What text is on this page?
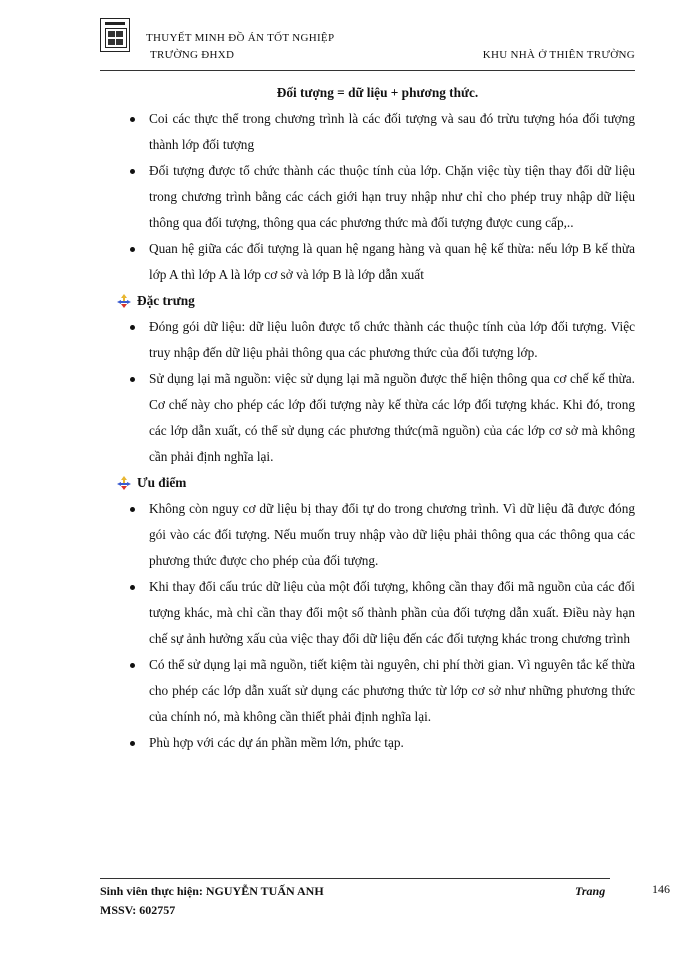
THUYẾT MINH ĐỒ ÁN TỐT NGHIỆP
TRƯỜNG ĐHXD	KHU NHÀ Ở THIÊN TRƯỜNG
Đối tượng = dữ liệu + phương thức.
Coi các thực thể trong chương trình là các đối tượng và sau đó trừu tượng hóa đối tượng thành lớp đối tượng
Đối tượng được tổ chức thành các thuộc tính của lớp. Chặn việc tùy tiện thay đổi dữ liệu trong chương trình bằng các cách giới hạn truy nhập như chỉ cho phép truy nhập dữ liệu thông qua đối tượng, thông qua các phương thức mà đối tượng được cung cấp,..
Quan hệ giữa các đối tượng là quan hệ ngang hàng và quan hệ kế thừa: nếu lớp B kế thừa lớp A thì lớp A là lớp cơ sở và lớp B là lớp dẫn xuất
Đặc trưng
Đóng gói dữ liệu: dữ liệu luôn được tổ chức thành các thuộc tính của lớp đối tượng. Việc truy nhập đến dữ liệu phải thông qua các phương thức của đối tượng lớp.
Sử dụng lại mã nguồn: việc sử dụng lại mã nguồn được thể hiện thông qua cơ chế kế thừa. Cơ chế này cho phép các lớp đối tượng này kế thừa các lớp đối tượng khác. Khi đó, trong các lớp dẫn xuất, có thể sử dụng các phương thức(mã nguồn) của các lớp cơ sở mà không cần phải định nghĩa lại.
Ưu điểm
Không còn nguy cơ dữ liệu bị thay đổi tự do trong chương trình. Vì dữ liệu đã được đóng gói vào các đối tượng. Nếu muốn truy nhập vào dữ liệu phải thông qua các thông qua các phương thức được cho phép của đối tượng.
Khi thay đổi cấu trúc dữ liệu của một đối tượng, không cần thay đổi mã nguồn của các đối tượng khác, mà chỉ cần thay đổi một số thành phần của đối tượng dẫn xuất. Điều này hạn chế sự ảnh hưởng xấu của việc thay đổi dữ liệu đến các đối tượng khác trong chương trình
Có thể sử dụng lại mã nguồn, tiết kiệm tài nguyên, chi phí thời gian. Vì nguyên tắc kế thừa cho phép các lớp dẫn xuất sử dụng các phương thức từ lớp cơ sở như những phương thức của chính nó, mà không cần thiết phải định nghĩa lại.
Phù hợp với các dự án phần mềm lớn, phức tạp.
Sinh viên thực hiện: NGUYỄN TUẤN ANH
MSSV: 602757
Trang	146
